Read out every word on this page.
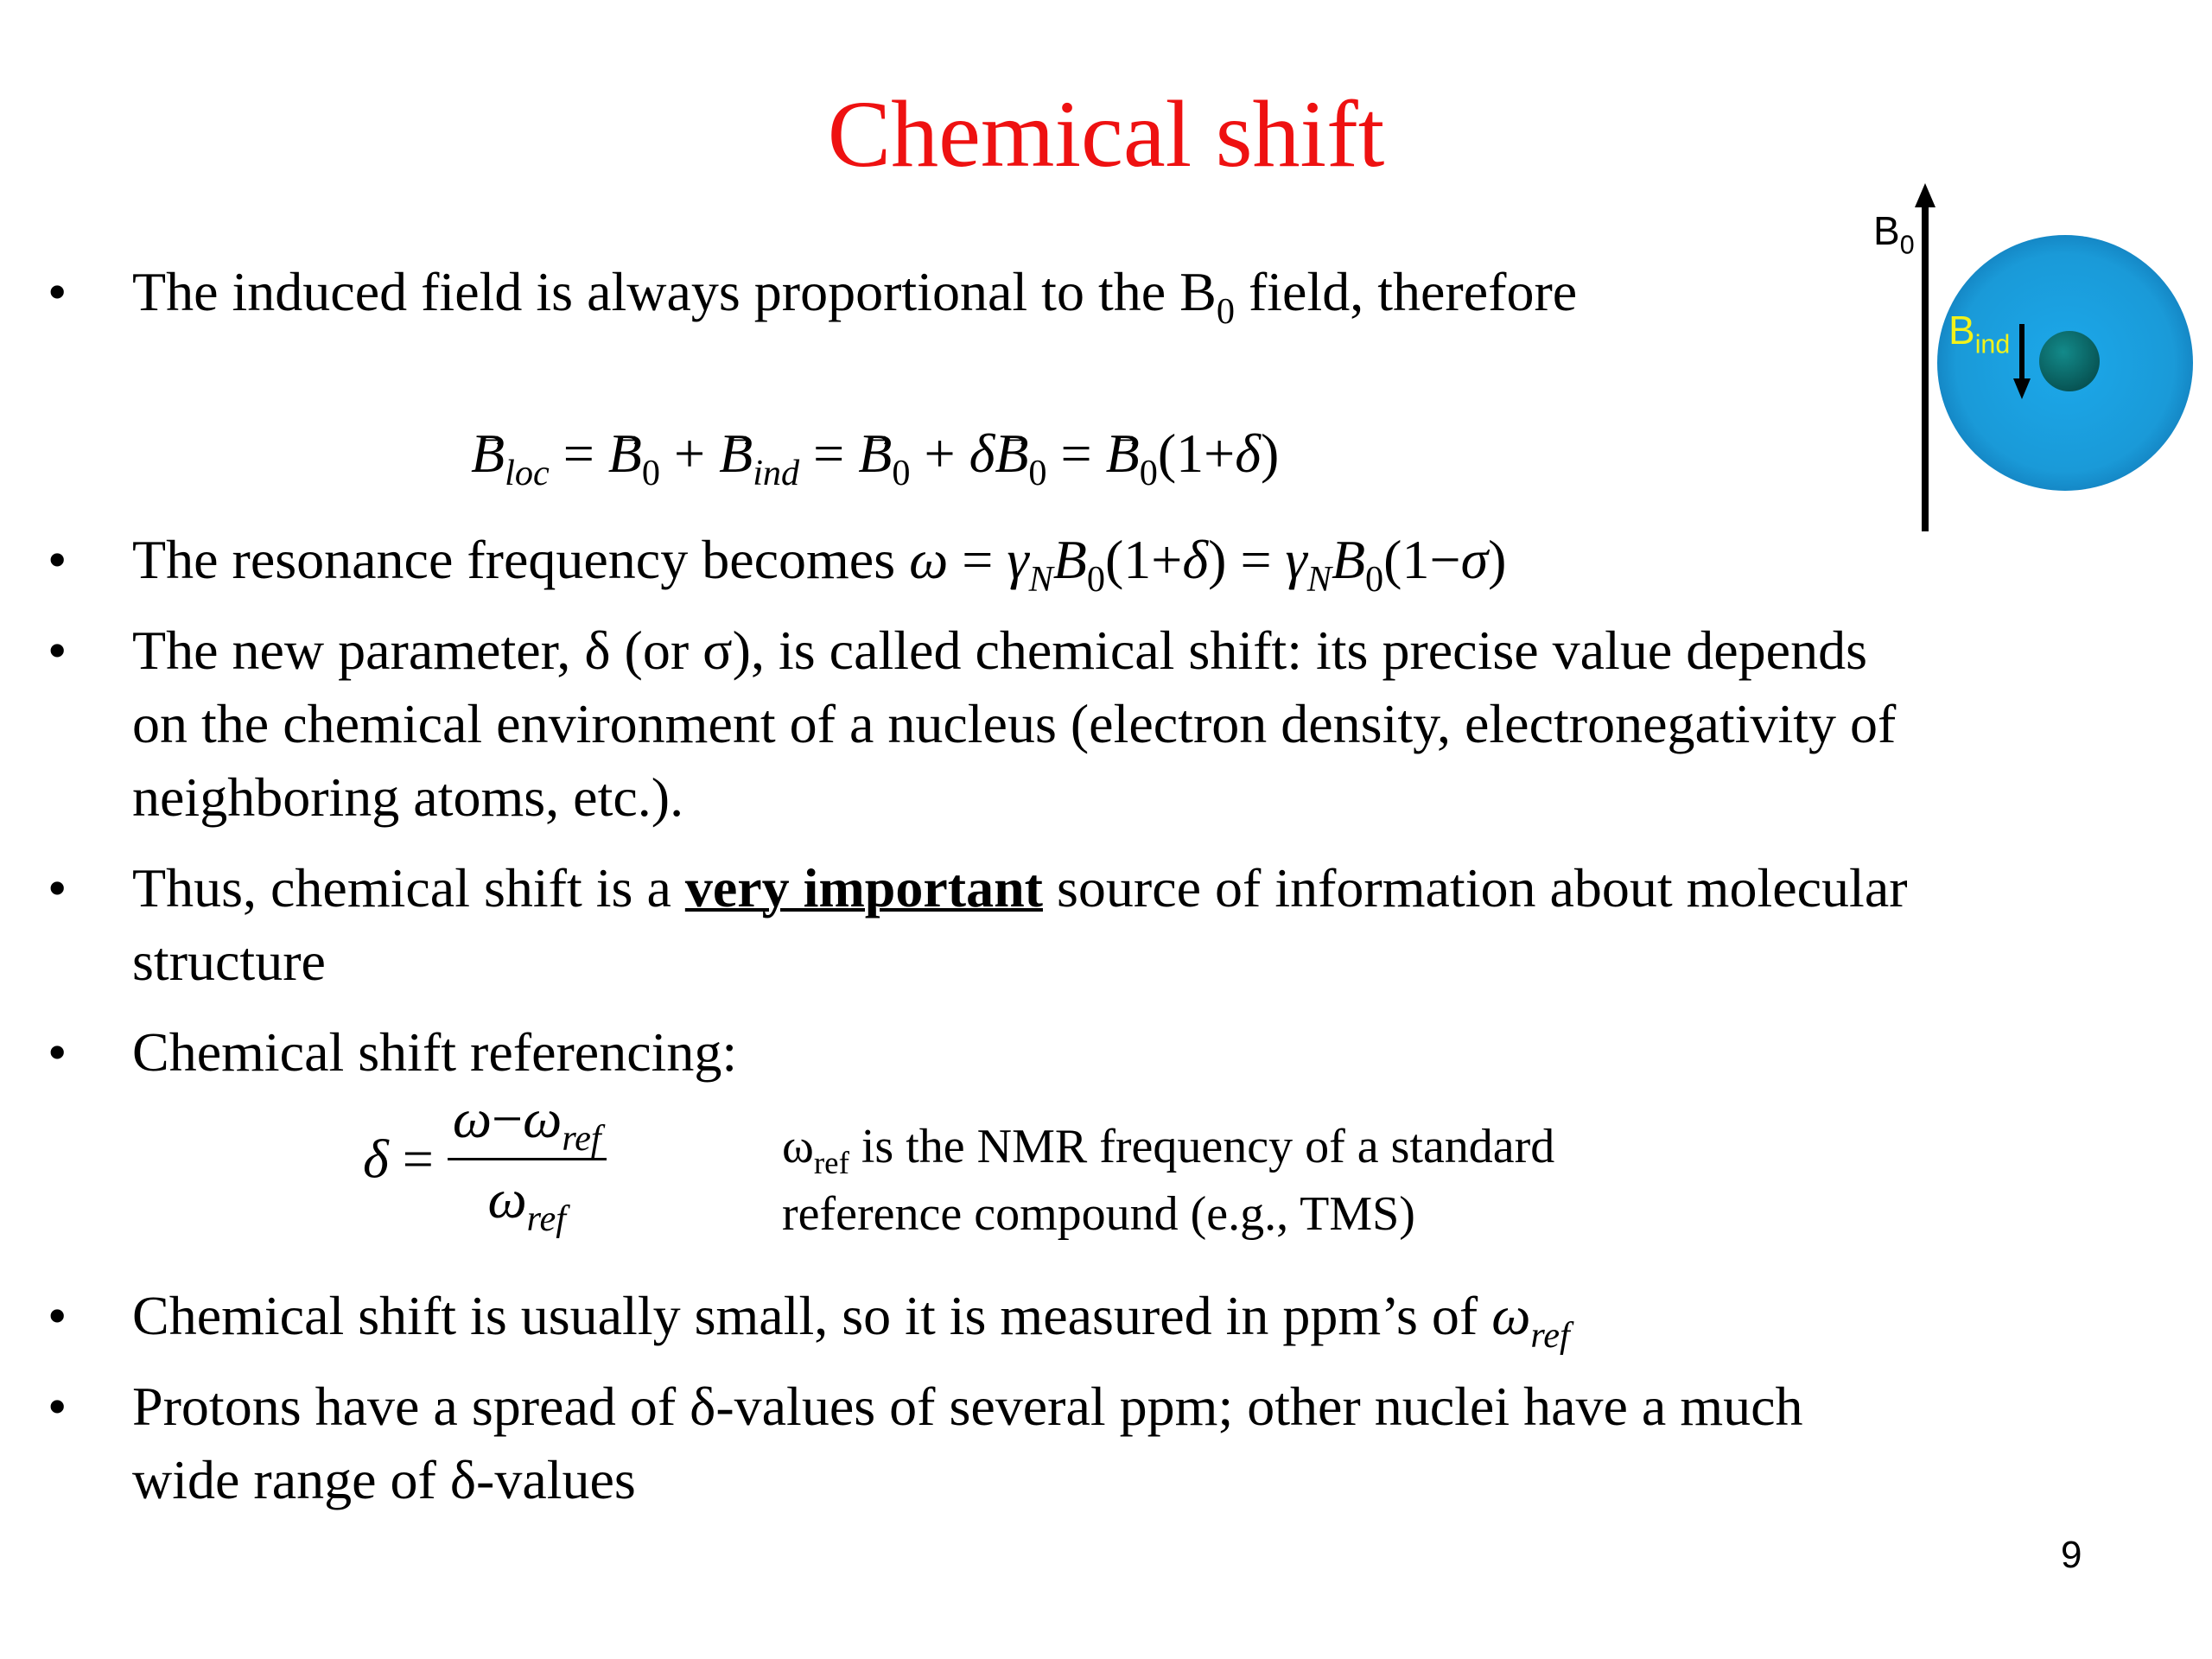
Chemical shift
• The induced field is always proportional to the $B_0$ field, therefore
→ $B_{loc}$ = → $B_0$ + → $B_{ind}$ = → $B_0 + \delta\to B_0$ = → $B_0(1+\delta)$
• The resonance frequency becomes $\omega = \gamma_NB_0(1+\delta) = \gamma_NB_0(1-\sigma)$
• The new parameter, δ (or σ), is called chemical shift: its precise value depends
on the chemical environment of a nucleus (electron density, electronegativity of
neighboring atoms, etc.).
• Thus, chemical shift is a very important source of information about molecular
structure
• Chemical shift referencing:
$\delta = \frac{\omega-\omega_{ref}}{\omega_{ref}}$	$\omega_{ref}$ is the NMR frequency of a standard
reference compound (e.g., TMS)
• Chemical shift is usually small, so it is measured in ppm’s of $\omega_{ref}$
• Protons have a spread of δ-values of several ppm; other nuclei have a much
wide range of δ-values
9
$B_0$
$B_{ind}$
